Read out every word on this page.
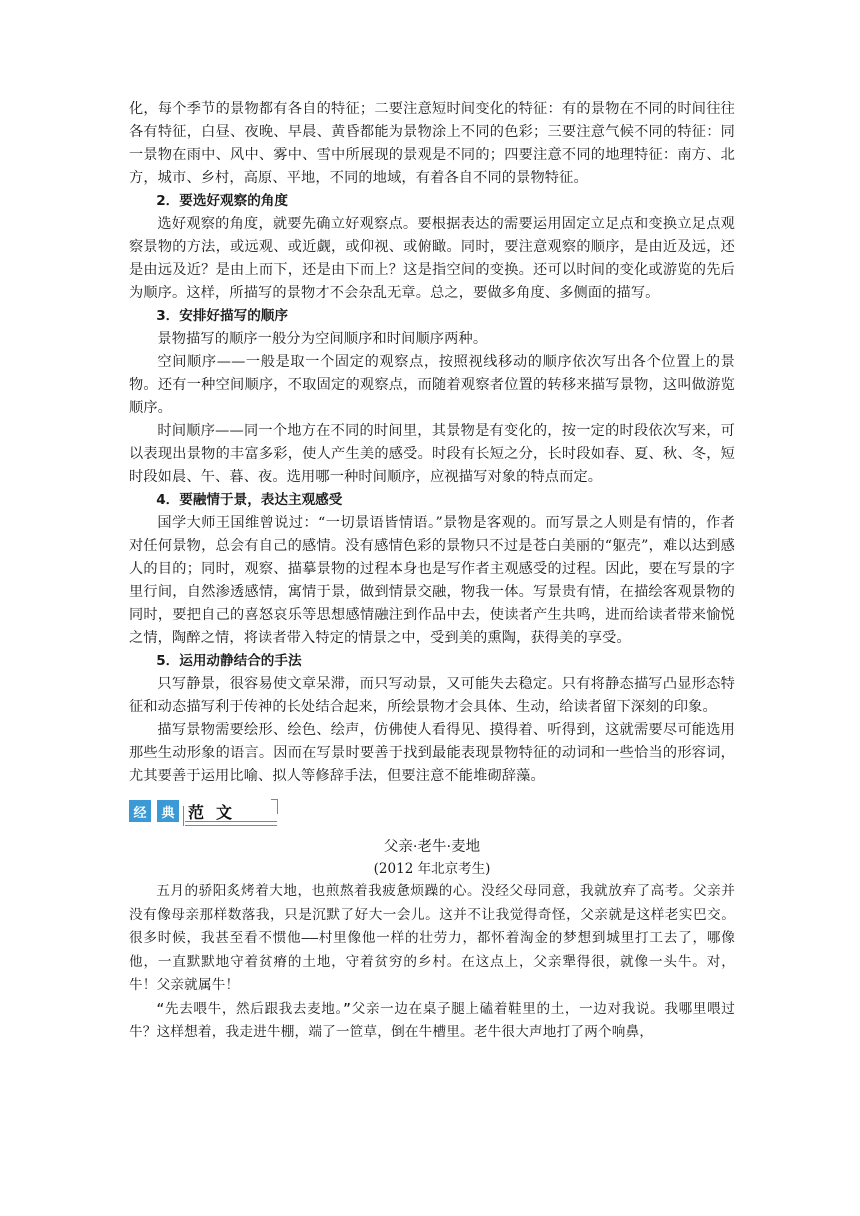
化，每个季节的景物都有各自的特征；二要注意短时间变化的特征：有的景物在不同的时间往往各有特征，白昼、夜晚、早晨、黄昏都能为景物涂上不同的色彩；三要注意气候不同的特征：同一景物在雨中、风中、雾中、雪中所展现的景观是不同的；四要注意不同的地理特征：南方、北方，城市、乡村，高原、平地，不同的地域，有着各自不同的景物特征。

2．要选好观察的角度

选好观察的角度，就要先确立好观察点。要根据表达的需要运用固定立足点和变换立足点观察景物的方法，或远观、或近觑，或仰视、或俯瞰。同时，要注意观察的顺序，是由近及远，还是由远及近？是由上而下，还是由下而上？这是指空间的变换。还可以时间的变化或游览的先后为顺序。这样，所描写的景物才不会杂乱无章。总之，要做多角度、多侧面的描写。

3．安排好描写的顺序

景物描写的顺序一般分为空间顺序和时间顺序两种。

空间顺序——一般是取一个固定的观察点，按照视线移动的顺序依次写出各个位置上的景物。还有一种空间顺序，不取固定的观察点，而随着观察者位置的转移来描写景物，这叫做游览顺序。

时间顺序——同一个地方在不同的时间里，其景物是有变化的，按一定的时段依次写来，可以表现出景物的丰富多彩，使人产生美的感受。时段有长短之分，长时段如春、夏、秋、冬，短时段如晨、午、暮、夜。选用哪一种时间顺序，应视描写对象的特点而定。

4．要融情于景，表达主观感受

国学大师王国维曾说过：“一切景语皆情语。”景物是客观的。而写景之人则是有情的，作者对任何景物，总会有自己的感情。没有感情色彩的景物只不过是苍白美丽的“躯壳”，难以达到感人的目的；同时，观察、描摹景物的过程本身也是写作者主观感受的过程。因此，要在写景的字里行间，自然渗透感情，寓情于景，做到情景交融，物我一体。写景贵有情，在描绘客观景物的同时，要把自己的喜怒哀乐等思想感情融注到作品中去，使读者产生共鸣，进而给读者带来愉悦之情，陶醉之情，将读者带入特定的情景之中，受到美的熏陶，获得美的享受。

5．运用动静结合的手法

只写静景，很容易使文章呆滞，而只写动景，又可能失去稳定。只有将静态描写凸显形态特征和动态描写利于传神的长处结合起来，所绘景物才会具体、生动，给读者留下深刻的印象。

描写景物需要绘形、绘色、绘声，仿佛使人看得见、摸得着、听得到，这就需要尽可能选用那些生动形象的语言。因而在写景时要善于找到最能表现景物特征的动词和一些恰当的形容词，尤其要善于运用比喻、拟人等修辞手法，但要注意不能堆砌辞藻。

经	典 范 文

父亲·老牛·麦地

(2012 年北京考生)

五月的骄阳炙烤着大地，也煎熬着我疲惫烦躁的心。没经父母同意，我就放弃了高考。父亲并没有像母亲那样数落我，只是沉默了好大一会儿。这并不让我觉得奇怪，父亲就是这样老实巴交。很多时候，我甚至看不惯他——村里像他一样的壮劳力，都怀着淘金的梦想到城里打工去了，哪像他，一直默默地守着贫瘠的土地，守着贫穷的乡村。在这点上，父亲犟得很，就像一头牛。对，牛！父亲就属牛！

“先去喂牛，然后跟我去麦地。”父亲一边在桌子腿上磕着鞋里的土，一边对我说。我哪里喂过牛？这样想着，我走进牛棚，端了一笸草，倒在牛槽里。老牛很大声地打了两个响鼻，
